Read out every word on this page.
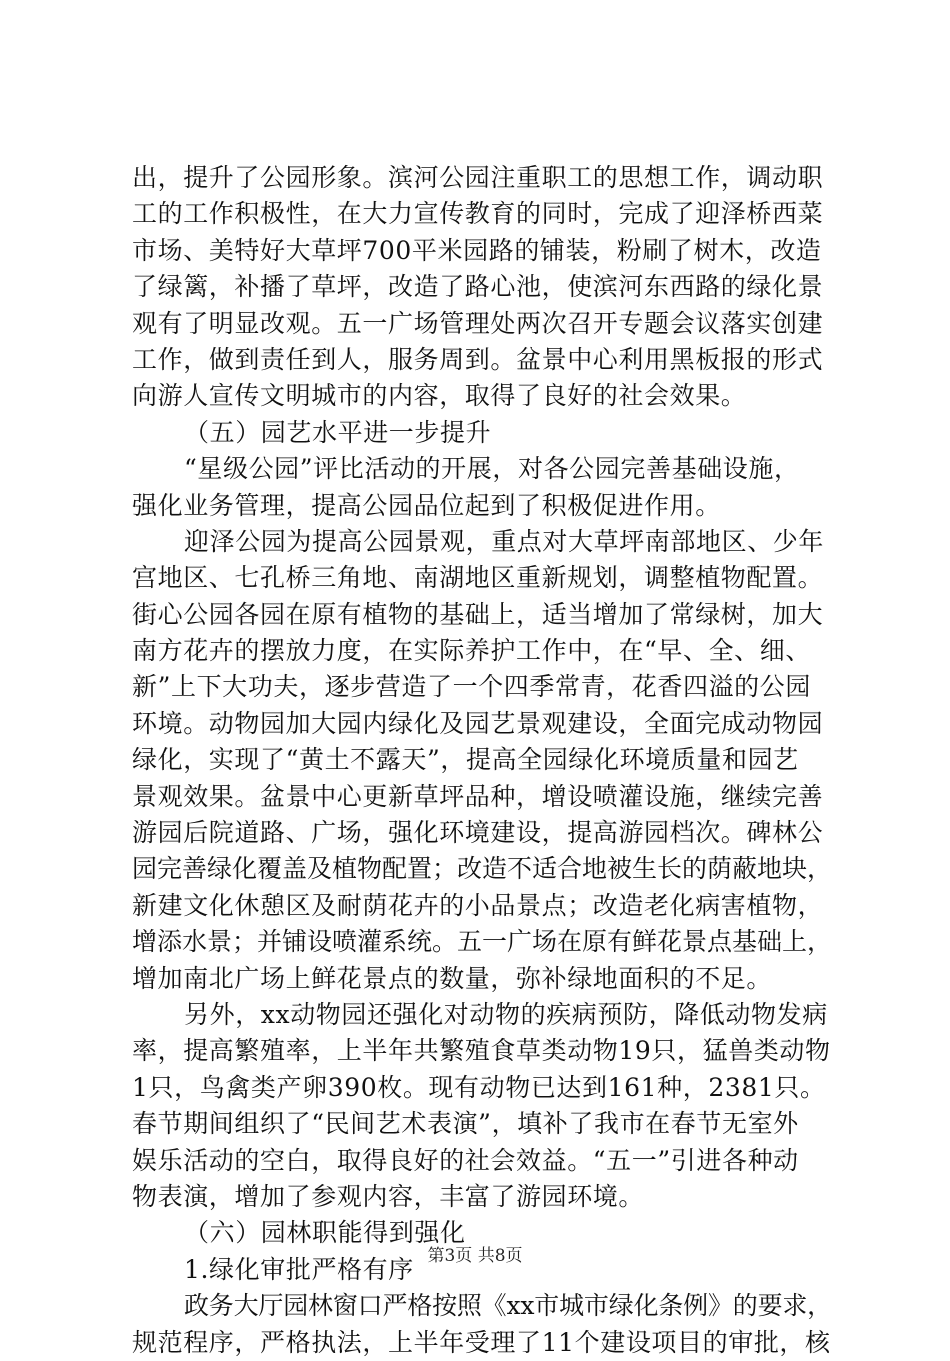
出，提升了公园形象。滨河公园注重职工的思想工作，调动职
工的工作积极性，在大力宣传教育的同时，完成了迎泽桥西菜
市场、美特好大草坪700平米园路的铺装，粉刷了树木，改造
了绿篱，补播了草坪，改造了路心池，使滨河东西路的绿化景
观有了明显改观。五一广场管理处两次召开专题会议落实创建
工作，做到责任到人，服务周到。盆景中心利用黑板报的形式
向游人宣传文明城市的内容，取得了良好的社会效果。
（五）园艺水平进一步提升
“星级公园”评比活动的开展，对各公园完善基础设施，
强化业务管理，提高公园品位起到了积极促进作用。
迎泽公园为提高公园景观，重点对大草坪南部地区、少年
宫地区、七孔桥三角地、南湖地区重新规划，调整植物配置。
街心公园各园在原有植物的基础上，适当增加了常绿树，加大
南方花卉的摆放力度，在实际养护工作中，在“早、全、细、
新”上下大功夫，逐步营造了一个四季常青，花香四溢的公园
环境。动物园加大园内绿化及园艺景观建设，全面完成动物园
绿化，实现了“黄土不露天”，提高全园绿化环境质量和园艺
景观效果。盆景中心更新草坪品种，增设喷灌设施，继续完善
游园后院道路、广场，强化环境建设，提高游园档次。碑林公
园完善绿化覆盖及植物配置；改造不适合地被生长的荫蔽地块，
新建文化休憩区及耐荫花卉的小品景点；改造老化病害植物，
增添水景；并铺设喷灌系统。五一广场在原有鲜花景点基础上，
增加南北广场上鲜花景点的数量，弥补绿地面积的不足。
另外，xx动物园还强化对动物的疾病预防，降低动物发病
率，提高繁殖率，上半年共繁殖食草类动物19只，猛兽类动物
1只，鸟禽类产卵390枚。现有动物已达到161种，2381只。
春节期间组织了“民间艺术表演”，填补了我市在春节无室外
娱乐活动的空白，取得良好的社会效益。“五一”引进各种动
物表演，增加了参观内容，丰富了游园环境。
（六）园林职能得到强化
1.绿化审批严格有序
政务大厅园林窗口严格按照《xx市城市绿化条例》的要求，
规范程序，严格执法，上半年受理了11个建设项目的审批，核
第3页 共8页
